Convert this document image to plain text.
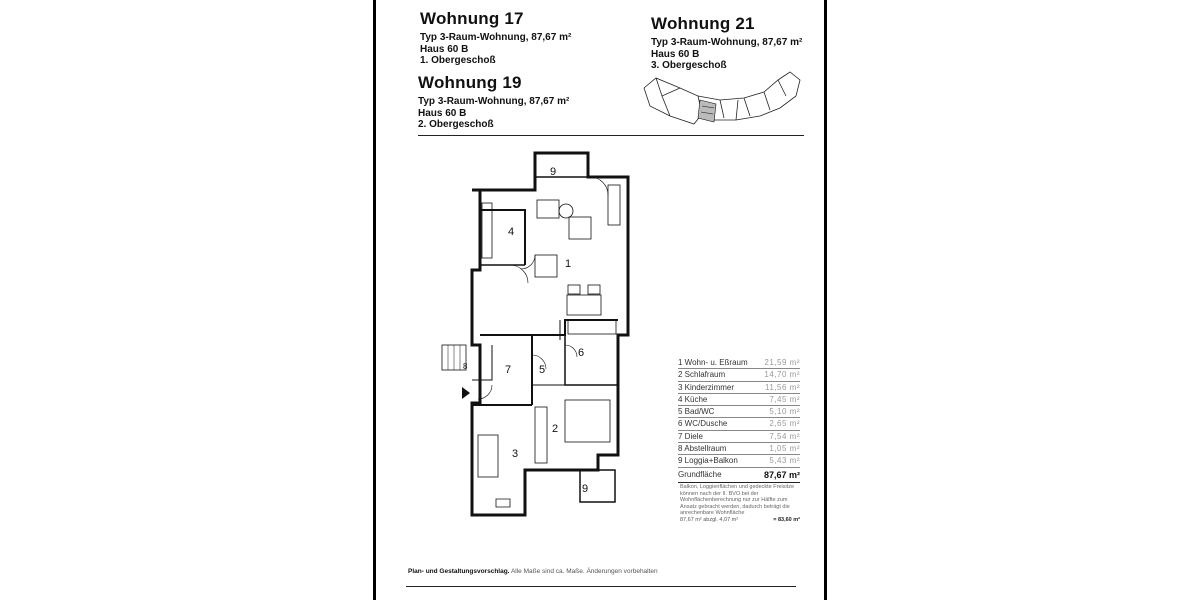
Wohnung 17
Typ 3-Raum-Wohnung, 87,67 m²
Haus 60 B
1. Obergeschoß
Wohnung 19
Typ 3-Raum-Wohnung, 87,67 m²
Haus 60 B
2. Obergeschoß
Wohnung 21
Typ 3-Raum-Wohnung, 87,67 m²
Haus 60 B
3. Obergeschoß
9
1
4
6
5
7
8
2
3
9
1 Wohn- u. Eßraum 21,59 m²
2 Schlafraum	14,70 m²
3 Kinderzimmer	11,56 m²
4 Küche	7,45 m²
5 Bad/WC	5,10 m²
6 WC/Dusche	2,65 m²
7 Diele	7,54 m²
8 Abstellraum	1,05 m²
9 Loggia+Balkon	5,43 m²
Grundfläche	87,67 m²
Balkon, Loggienflächen und gedeckte Freisitze können nach der II. BVO bei der Wohnflächenberechnung nur zur Hälfte zum Ansatz gebracht werden, dadurch beträgt die anrechenbare Wohnfläche
87,67 m² abzgl. 4,07 m²	= 83,60 m²
Plan- und Gestaltungsvorschlag. Alle Maße sind ca. Maße. Änderungen vorbehalten
